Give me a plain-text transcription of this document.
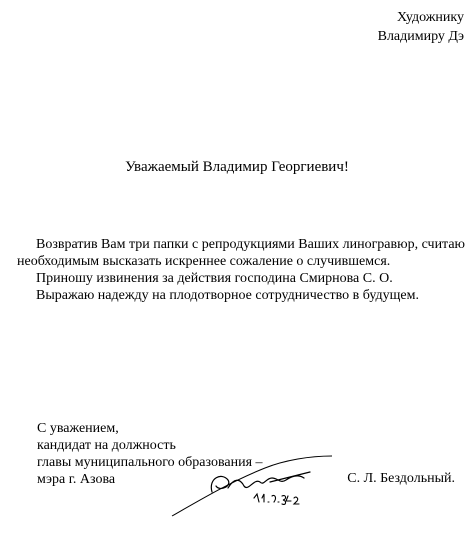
Художнику
Владимиру Дэ
Уважаемый Владимир Георгиевич!
Возвратив Вам три папки с репродукциями Ваших линогравюр, считаю
необходимым высказать искреннее сожаление о случившемся.
Приношу извинения за действия господина Смирнова С. О.
Выражаю надежду на плодотворное сотрудничество в будущем.
С уважением,
кандидат на должность
главы муниципального образования –
мэра г. Азова	С. Л. Бездольный.
